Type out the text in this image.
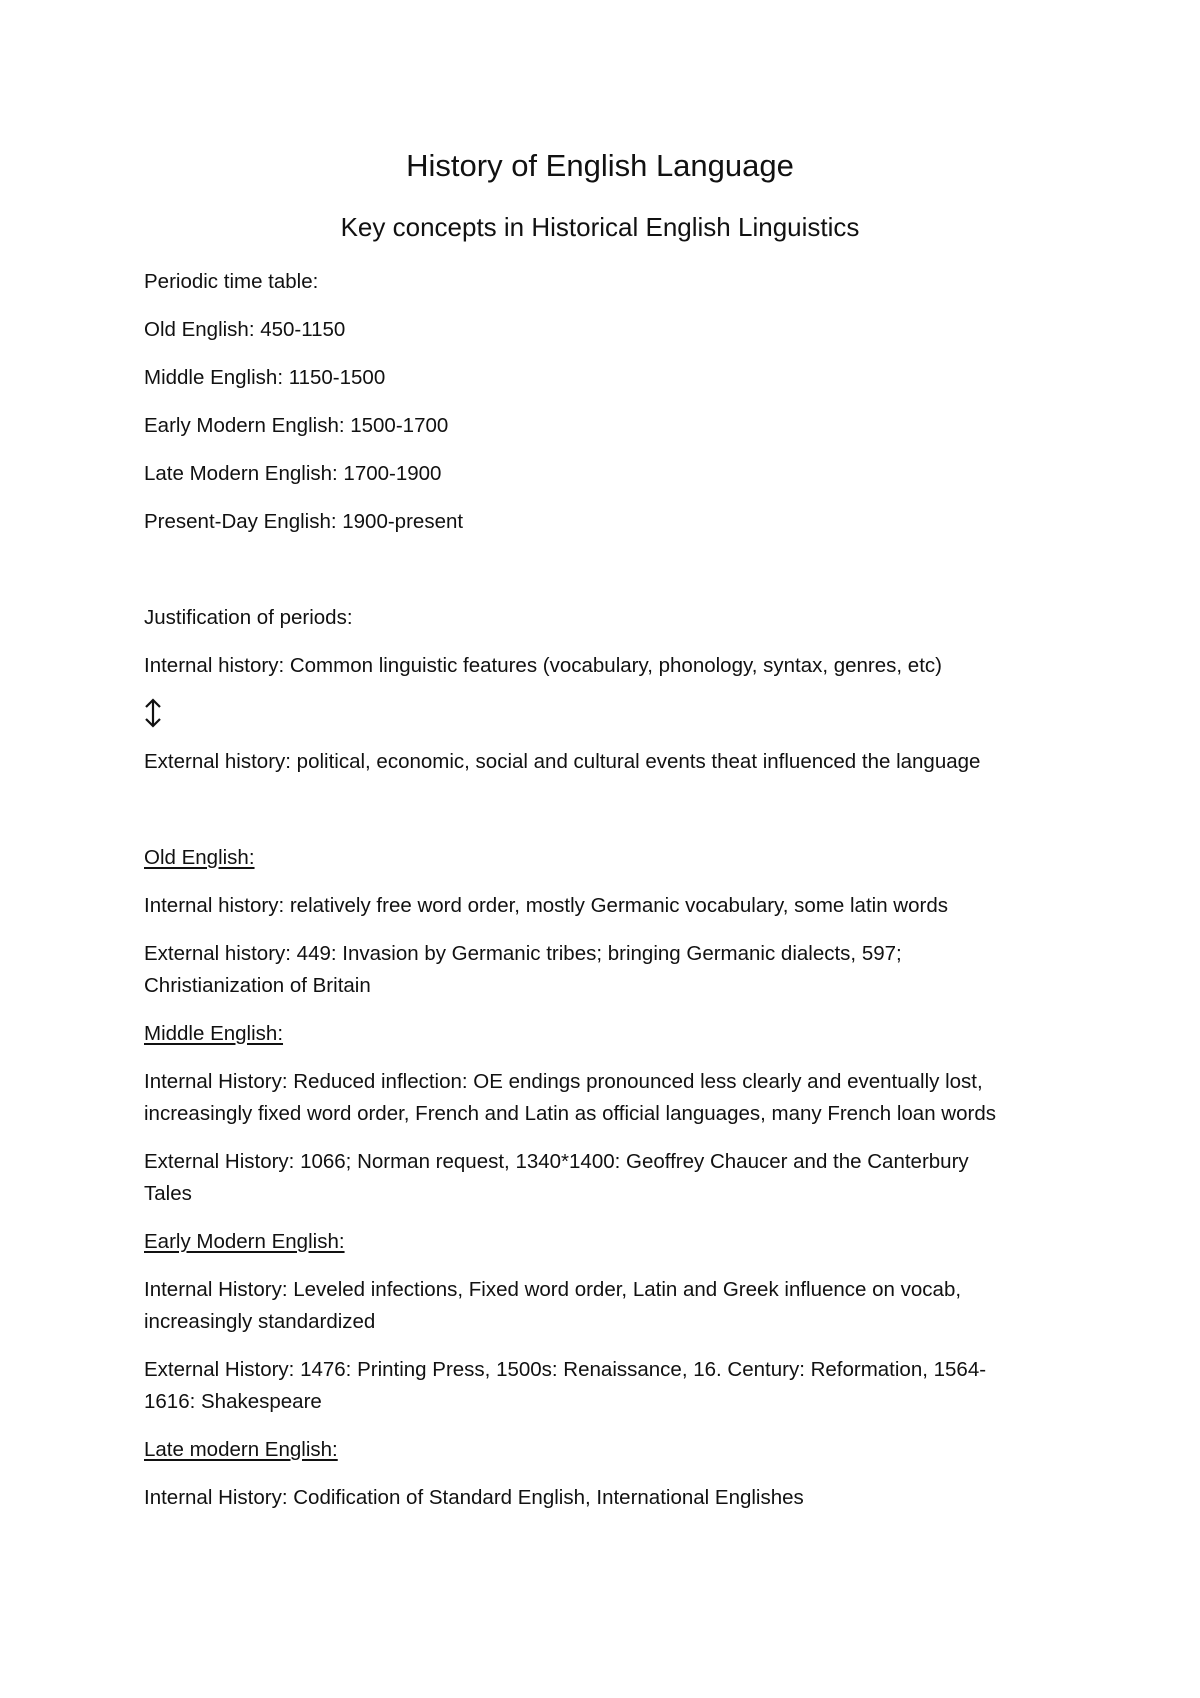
History of English Language
Key concepts in Historical English Linguistics
Periodic time table:
Old English: 450-1150
Middle English: 1150-1500
Early Modern English: 1500-1700
Late Modern English: 1700-1900
Present-Day English: 1900-present
Justification of periods:
Internal history: Common linguistic features (vocabulary, phonology, syntax, genres, etc)
External history: political, economic, social and cultural events theat influenced the language
Old English:
Internal history: relatively free word order, mostly Germanic vocabulary, some latin words
External history: 449: Invasion by Germanic tribes; bringing Germanic dialects, 597;
Christianization of Britain
Middle English:
Internal History: Reduced inflection: OE endings pronounced less clearly and eventually lost,
increasingly fixed word order, French and Latin as official languages, many French loan words
External History: 1066; Norman request, 1340*1400: Geoffrey Chaucer and the Canterbury
Tales
Early Modern English:
Internal History: Leveled infections, Fixed word order, Latin and Greek influence on vocab,
increasingly standardized
External History: 1476: Printing Press, 1500s: Renaissance, 16. Century: Reformation, 1564-
1616: Shakespeare
Late modern English:
Internal History: Codification of Standard English, International Englishes
